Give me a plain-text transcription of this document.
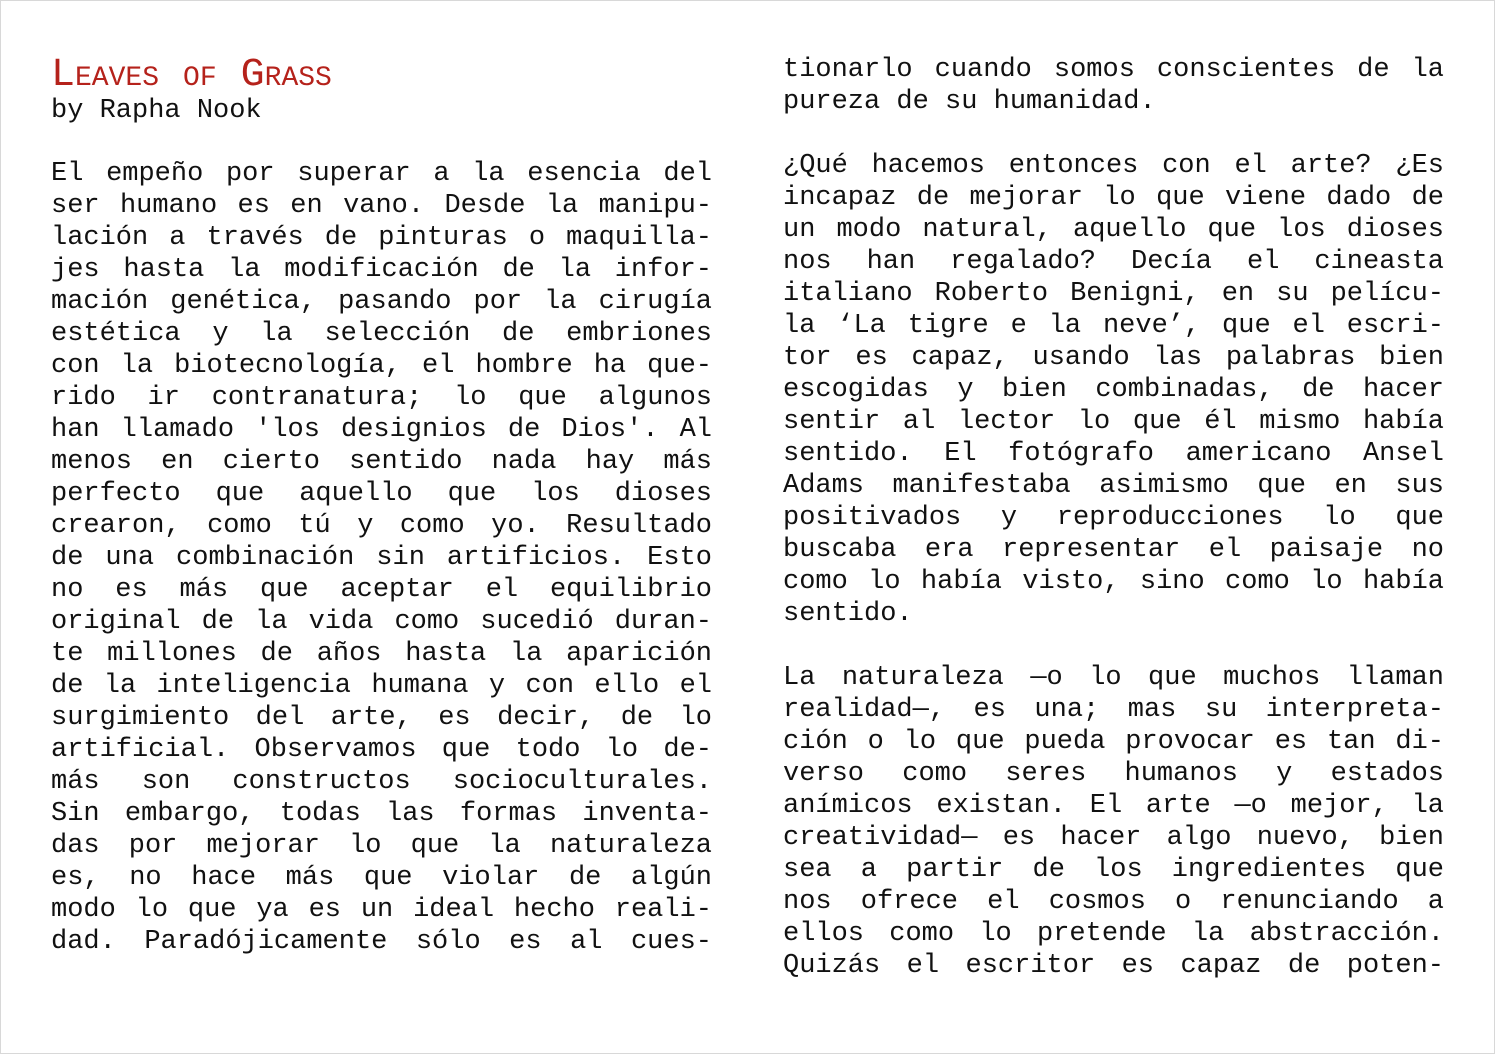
Leaves of Grass
by Rapha Nook
El empeño por superar a la esencia del
ser humano es en vano. Desde la manipu-
lación a través de pinturas o maquilla-
jes hasta la modificación de la infor-
mación genética, pasando por la cirugía
estética y la selección de embriones
con la biotecnología, el hombre ha que-
rido ir contranatura; lo que algunos
han llamado 'los designios de Dios'. Al
menos en cierto sentido nada hay más
perfecto que aquello que los dioses
crearon, como tú y como yo. Resultado
de una combinación sin artificios. Esto
no es más que aceptar el equilibrio
original de la vida como sucedió duran-
te millones de años hasta la aparición
de la inteligencia humana y con ello el
surgimiento del arte, es decir, de lo
artificial. Observamos que todo lo de-
más son constructos socioculturales.
Sin embargo, todas las formas inventa-
das por mejorar lo que la naturaleza
es, no hace más que violar de algún
modo lo que ya es un ideal hecho reali-
dad. Paradójicamente sólo es al cues-
tionarlo cuando somos conscientes de la
pureza de su humanidad.
¿Qué hacemos entonces con el arte? ¿Es
incapaz de mejorar lo que viene dado de
un modo natural, aquello que los dioses
nos han regalado? Decía el cineasta
italiano Roberto Benigni, en su pelícu-
la ‘La tigre e la neve’, que el escri-
tor es capaz, usando las palabras bien
escogidas y bien combinadas, de hacer
sentir al lector lo que él mismo había
sentido. El fotógrafo americano Ansel
Adams manifestaba asimismo que en sus
positivados y reproducciones lo que
buscaba era representar el paisaje no
como lo había visto, sino como lo había
sentido.
La naturaleza —o lo que muchos llaman
realidad—, es una; mas su interpreta-
ción o lo que pueda provocar es tan di-
verso como seres humanos y estados
anímicos existan. El arte —o mejor, la
creatividad— es hacer algo nuevo, bien
sea a partir de los ingredientes que
nos ofrece el cosmos o renunciando a
ellos como lo pretende la abstracción.
Quizás el escritor es capaz de poten-
